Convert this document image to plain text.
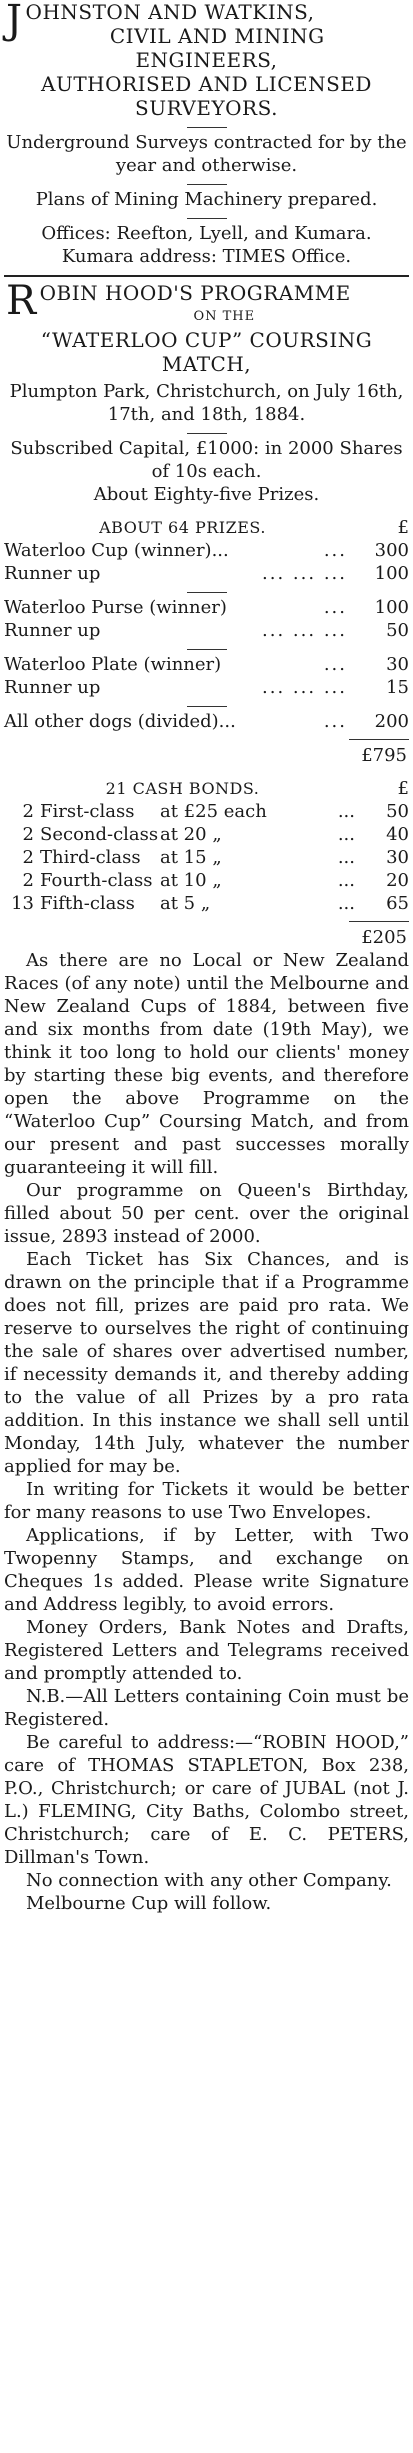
JOHNSTON AND WATKINS,
CIVIL AND MINING
ENGINEERS,
AUTHORISED AND LICENSED
SURVEYORS.
Underground Surveys contracted for by the year and otherwise.
Plans of Mining Machinery prepared.
Offices: Reefton, Lyell, and Kumara.
Kumara address: TIMES Office.
ROBIN HOOD'S PROGRAMME
ON THE
“WATERLOO CUP” COURSING
MATCH,

Plumpton Park, Christchurch, on July 16th, 17th, and 18th, 1884.

Subscribed Capital, £1000: in 2000 Shares of 10s each.

About Eighty-five Prizes.
ABOUT 64 PRIZES.	£
Waterloo Cup (winner)...	...	300
Runner up	... ... ...	100
Waterloo Purse (winner)	...	100
Runner up	... ... ...	50
Waterloo Plate (winner)	...	30
Runner up	... ... ...	15
All other dogs (divided)...	...	200
£795
21 CASH BONDS.	£
2 First-class	at £25 each	...	50
2 Second-class at 20 „	...	40
2 Third-class	at 15 „	...	30
2 Fourth-class at 10 „	...	20
13 Fifth-class	at 5 „	...	65
£205

As there are no Local or New Zealand Races (of any note) until the Melbourne and New Zealand Cups of 1884, between five and six months from date (19th May), we think it too long to hold our clients' money by starting these big events, and therefore open the above Programme on the “Waterloo Cup” Coursing Match, and from our present and past successes morally guaranteeing it will fill.

Our programme on Queen's Birthday, filled about 50 per cent. over the original issue, 2893 instead of 2000.

Each Ticket has Six Chances, and is drawn on the principle that if a Programme does not fill, prizes are paid pro rata. We reserve to ourselves the right of continuing the sale of shares over advertised number, if necessity demands it, and thereby adding to the value of all Prizes by a pro rata addition. In this instance we shall sell until Monday, 14th July, whatever the number applied for may be.

In writing for Tickets it would be better for many reasons to use Two Envelopes.

Applications, if by Letter, with Two Twopenny Stamps, and exchange on Cheques 1s added. Please write Signature and Address legibly, to avoid errors.

Money Orders, Bank Notes and Drafts, Registered Letters and Telegrams received and promptly attended to.

N.B.—All Letters containing Coin must be Registered.

Be careful to address:—“ROBIN HOOD,” care of THOMAS STAPLETON, Box 238, P.O., Christchurch; or care of JUBAL (not J. L.) FLEMING, City Baths, Colombo street, Christchurch; care of E. C. PETERS, Dillman's Town.

No connection with any other Company.

Melbourne Cup will follow.
